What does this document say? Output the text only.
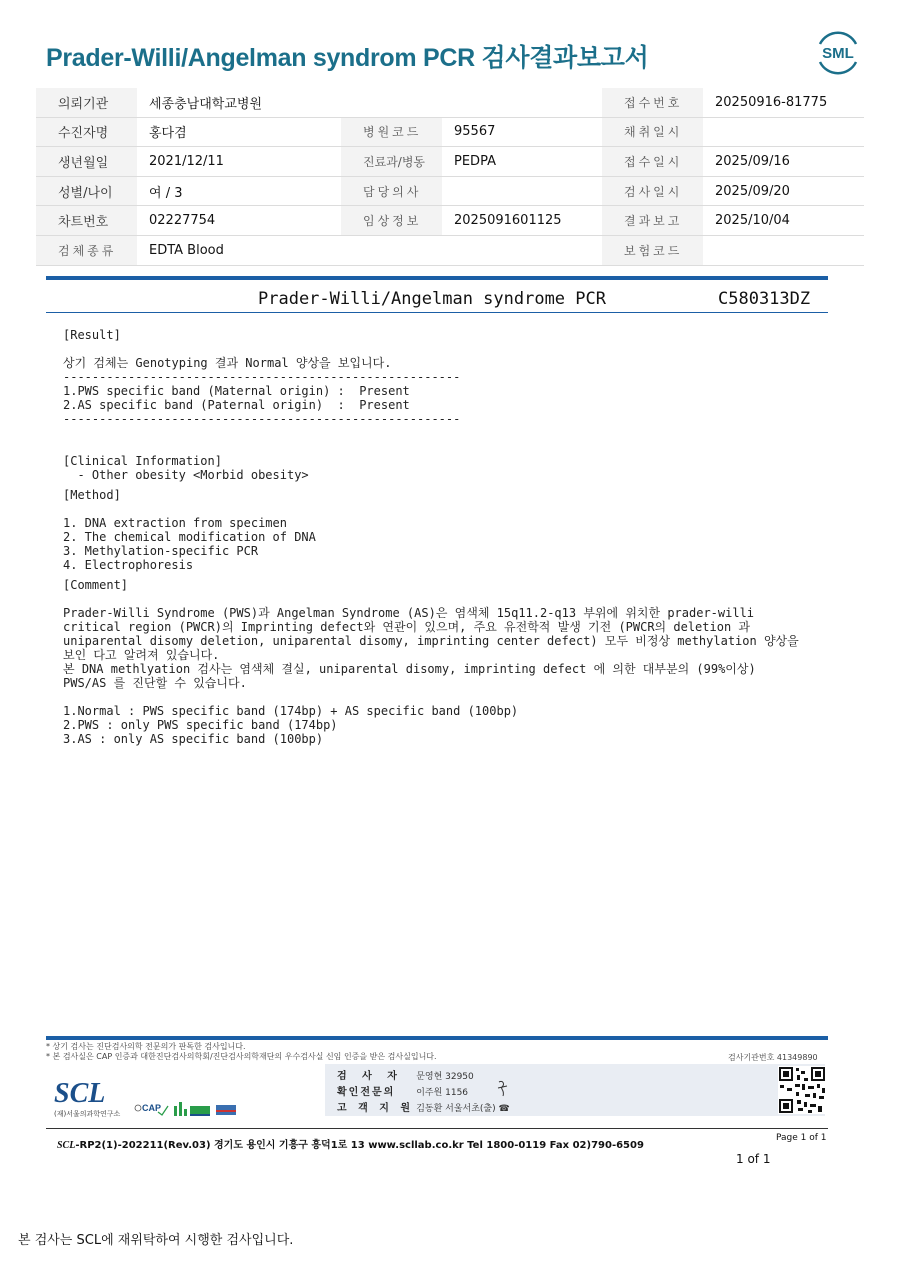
Prader-Willi/Angelman syndrom PCR 검사결과보고서	SML
의뢰기관	세종충남대학교병원			접수번호	20250916-81775
수진자명	홍다겸	병원코드	95567	채취일시	
생년월일	2021/12/11	진료과/병동	PEDPA	접수일시	2025/09/16
성별/나이	여 / 3	담당의사		검사일시	2025/09/20
차트번호	02227754	임상정보	2025091601125	결과보고	2025/10/04
검체종류	EDTA Blood			보험코드	
Prader-Willi/Angelman syndrome PCR	C580313DZ
[Result]
상기 검체는 Genotyping 결과 Normal 양상을 보입니다.
-------------------------------------------------------
1.PWS specific band (Maternal origin) :  Present
2.AS specific band (Paternal origin)  :  Present
-------------------------------------------------------
[Clinical Information]
- Other obesity <Morbid obesity>
[Method]
1. DNA extraction from specimen
2. The chemical modification of DNA
3. Methylation-specific PCR
4. Electrophoresis
[Comment]
Prader-Willi Syndrome (PWS)과 Angelman Syndrome (AS)은 염색체 15q11.2-q13 부위에 위치한 prader-willi
critical region (PWCR)의 Imprinting defect와 연관이 있으며, 주요 유전학적 발생 기전 (PWCR의 deletion 과
uniparental disomy deletion, uniparental disomy, imprinting center defect) 모두 비정상 methylation 양상을
보인 다고 알려져 있습니다.
본 DNA methlyation 검사는 염색체 결실, uniparental disomy, imprinting defect 에 의한 대부분의 (99%이상)
PWS/AS 를 진단할 수 있습니다.
1.Normal : PWS specific band (174bp) + AS specific band (100bp)
2.PWS : only PWS specific band (174bp)
3.AS : only AS specific band (100bp)
* 상기 검사는 진단검사의학 전문의가 판독한 검사입니다.
* 본 검사실은 CAP 인증과 대한진단검사의학회/진단검사의학재단의 우수검사실 신임 인증을 받은 검사실입니다.	검사기관번호 41349890
검 사 자 문영현 32950
확인전문의 이주원 1156
고 객 지 원 김동환 서울서초(출) ☎
SCL
(재)서울의과학연구소
CAP
SCL-RP2(1)-202211(Rev.03) 경기도 용인시 기흥구 흥덕1로 13 www.scllab.co.kr Tel 1800-0119 Fax 02)790-6509
Page 1 of 1
1 of 1
본 검사는 SCL에 재위탁하여 시행한 검사입니다.
